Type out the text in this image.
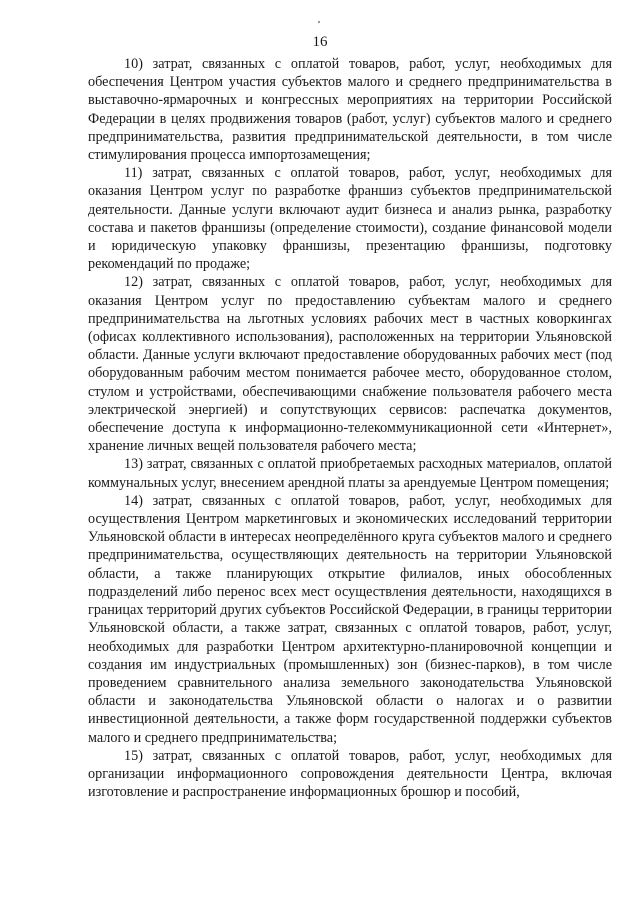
16

10) затрат, связанных с оплатой товаров, работ, услуг, необходимых для обеспечения Центром участия субъектов малого и среднего предпринимательства в выставочно-ярмарочных и конгрессных мероприятиях на территории Российской Федерации в целях продвижения товаров (работ, услуг) субъектов малого и среднего предпринимательства, развития предпринимательской деятельности, в том числе стимулирования процесса импортозамещения;

11) затрат, связанных с оплатой товаров, работ, услуг, необходимых для оказания Центром услуг по разработке франшиз субъектов предпринимательской деятельности. Данные услуги включают аудит бизнеса и анализ рынка, разработку состава и пакетов франшизы (определение стоимости), создание финансовой модели и юридическую упаковку франшизы, презентацию франшизы, подготовку рекомендаций по продаже;

12) затрат, связанных с оплатой товаров, работ, услуг, необходимых для оказания Центром услуг по предоставлению субъектам малого и среднего предпринимательства на льготных условиях рабочих мест в частных коворкингах (офисах коллективного использования), расположенных на территории Ульяновской области. Данные услуги включают предоставление оборудованных рабочих мест (под оборудованным рабочим местом понимается рабочее место, оборудованное столом, стулом и устройствами, обеспечивающими снабжение пользователя рабочего места электрической энергией) и сопутствующих сервисов: распечатка документов, обеспечение доступа к информационно-телекоммуникационной сети «Интернет», хранение личных вещей пользователя рабочего места;

13) затрат, связанных с оплатой приобретаемых расходных материалов, оплатой коммунальных услуг, внесением арендной платы за арендуемые Центром помещения;

14) затрат, связанных с оплатой товаров, работ, услуг, необходимых для осуществления Центром маркетинговых и экономических исследований территории Ульяновской области в интересах неопределённого круга субъектов малого и среднего предпринимательства, осуществляющих деятельность на территории Ульяновской области, а также планирующих открытие филиалов, иных обособленных подразделений либо перенос всех мест осуществления деятельности, находящихся в границах территорий других субъектов Российской Федерации, в границы территории Ульяновской области, а также затрат, связанных с оплатой товаров, работ, услуг, необходимых для разработки Центром архитектурно-планировочной концепции и создания им индустриальных (промышленных) зон (бизнес-парков), в том числе проведением сравнительного анализа земельного законодательства Ульяновской области и законодательства Ульяновской области о налогах и о развитии инвестиционной деятельности, а также форм государственной поддержки субъектов малого и среднего предпринимательства;

15) затрат, связанных с оплатой товаров, работ, услуг, необходимых для организации информационного сопровождения деятельности Центра, включая изготовление и распространение информационных брошюр и пособий,
